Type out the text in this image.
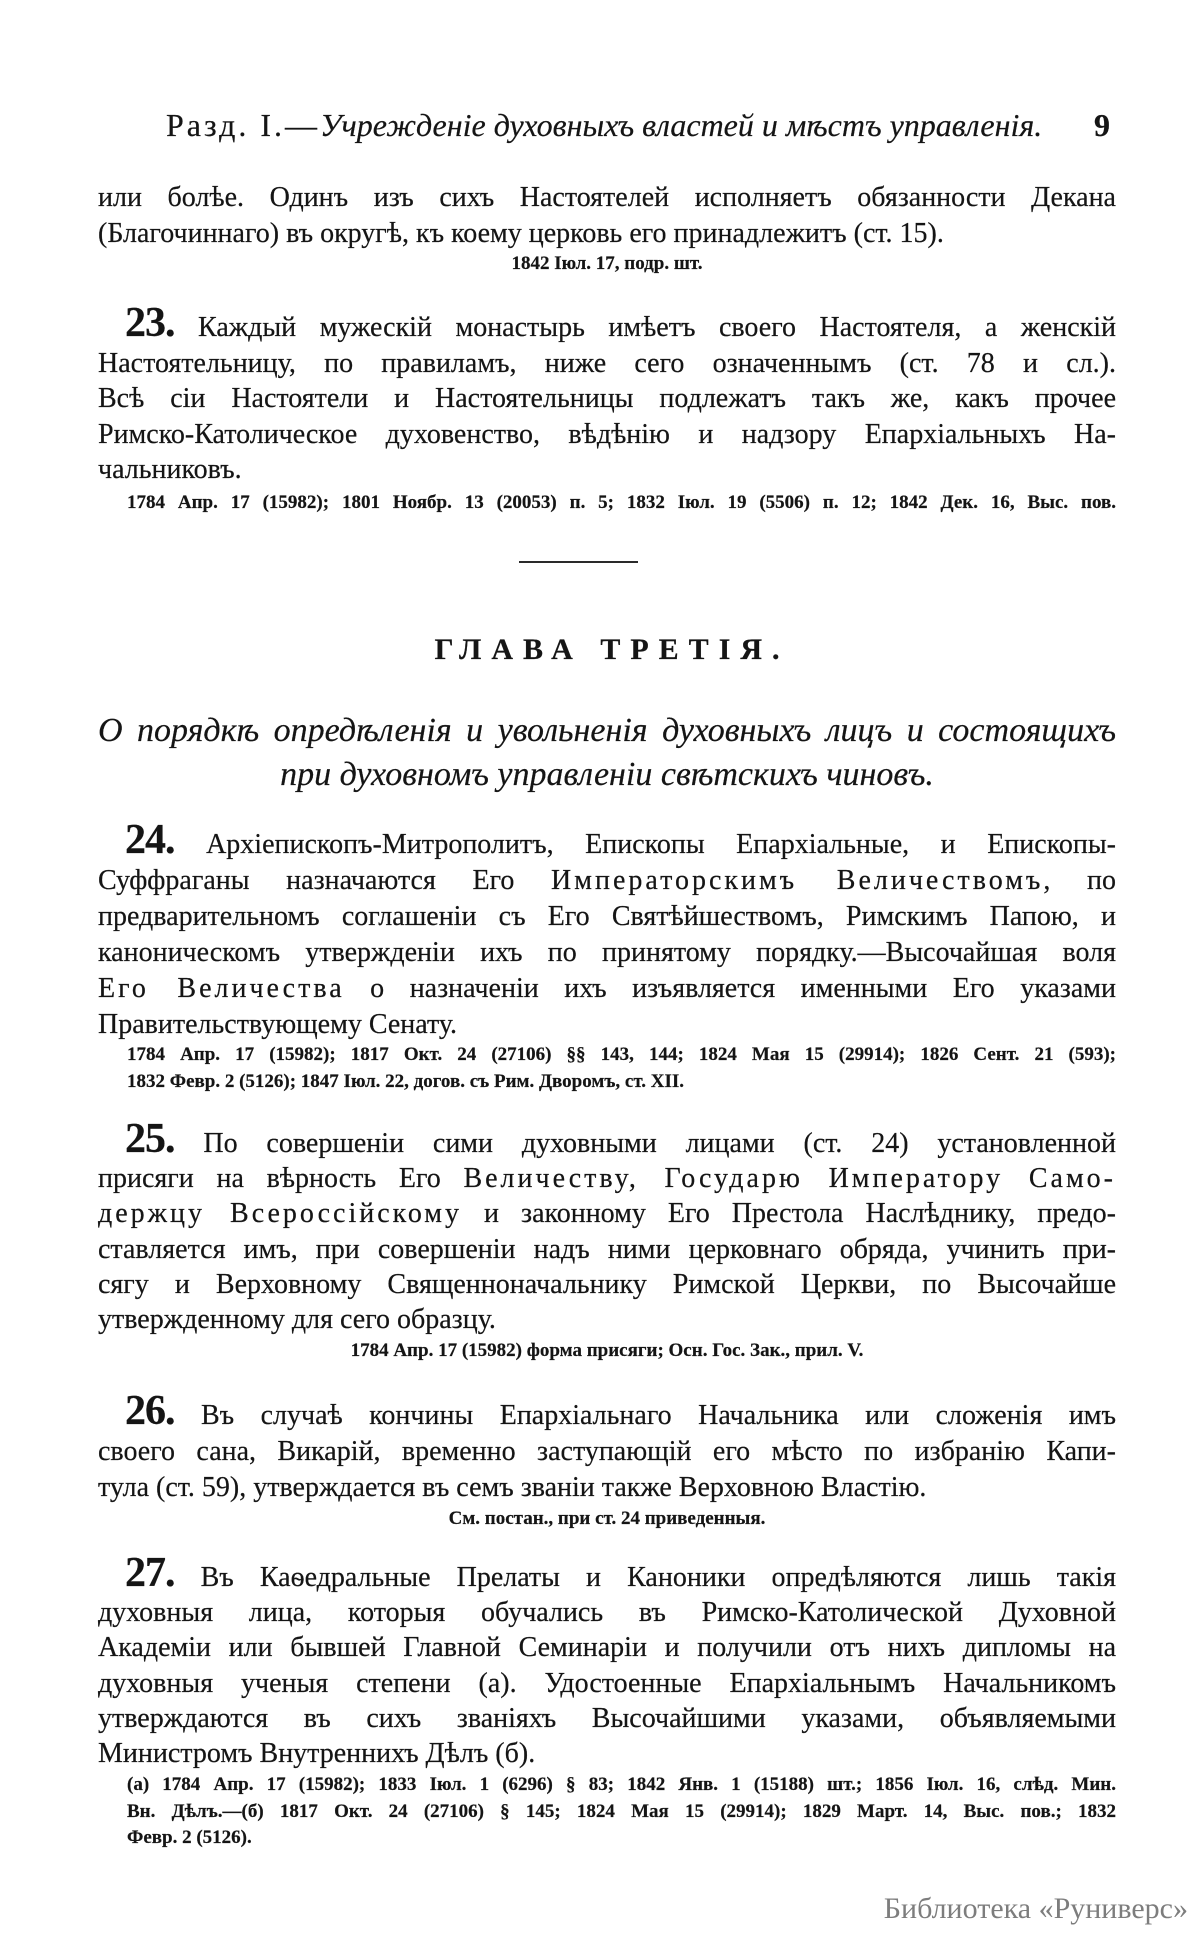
Разд. I.—Учрежденіе духовныхъ властей и мѣстъ управленія. 9
или болѣе. Одинъ изъ сихъ Настоятелей исполняетъ обязанности Декана
(Благочиннаго) въ округѣ, къ коему церковь его принадлежитъ (ст. 15).
1842 Іюл. 17, подр. шт.
23. Каждый мужескій монастырь имѣетъ своего Настоятеля, а женскій
Настоятельницу, по правиламъ, ниже сего означеннымъ (ст. 78 и сл.).
Всѣ сіи Настоятели и Настоятельницы подлежатъ такъ же, какъ прочее
Римско-Католическое духовенство, вѣдѣнію и надзору Епархіальныхъ На-
чальниковъ.
1784 Апр. 17 (15982); 1801 Ноябр. 13 (20053) п. 5; 1832 Іюл. 19 (5506) п. 12; 1842 Дек. 16, Выс. пов.
ГЛАВА ТРЕТІЯ.
О порядкѣ опредѣленія и увольненія духовныхъ лицъ и состоящихъ
при духовномъ управленіи свѣтскихъ чиновъ.
24. Архіепископъ-Митрополитъ, Епископы Епархіальные, и Епископы-
Суффраганы назначаются Его Императорскимъ Величествомъ, по
предварительномъ соглашеніи съ Его Святѣйшествомъ, Римскимъ Папою, и
каноническомъ утвержденіи ихъ по принятому порядку.—Высочайшая воля
Его Величества о назначеніи ихъ изъявляется именными Его указами
Правительствующему Сенату.
1784 Апр. 17 (15982); 1817 Окт. 24 (27106) §§ 143, 144; 1824 Мая 15 (29914); 1826 Сент. 21 (593);
1832 Февр. 2 (5126); 1847 Іюл. 22, догов. съ Рим. Дворомъ, ст. XII.
25. По совершеніи сими духовными лицами (ст. 24) установленной
присяги на вѣрность Его Величеству, Государю Императору Само-
держцу Всероссійскому и законному Его Престола Наслѣднику, предо-
ставляется имъ, при совершеніи надъ ними церковнаго обряда, учинить при-
сягу и Верховному Священноначальнику Римской Церкви, по Высочайше
утвержденному для сего образцу.
1784 Апр. 17 (15982) форма присяги; Осн. Гос. Зак., прил. V.
26. Въ случаѣ кончины Епархіальнаго Начальника или сложенія имъ
своего сана, Викарій, временно заступающій его мѣсто по избранію Капи-
тула (ст. 59), утверждается въ семъ званіи также Верховною Властію.
См. постан., при ст. 24 приведенныя.
27. Въ Каѳедральные Прелаты и Каноники опредѣляются лишь такія
духовныя лица, которыя обучались въ Римско-Католической Духовной
Академіи или бывшей Главной Семинаріи и получили отъ нихъ дипломы на
духовныя ученыя степени (а). Удостоенные Епархіальнымъ Начальникомъ
утверждаются въ сихъ званіяхъ Высочайшими указами, объявляемыми
Министромъ Внутреннихъ Дѣлъ (б).
(а) 1784 Апр. 17 (15982); 1833 Іюл. 1 (6296) § 83; 1842 Янв. 1 (15188) шт.; 1856 Іюл. 16, слѣд. Мин.
Вн. Дѣлъ.—(б) 1817 Окт. 24 (27106) § 145; 1824 Мая 15 (29914); 1829 Март. 14, Выс. пов.; 1832
Февр. 2 (5126).
Библиотека «Руниверс»
